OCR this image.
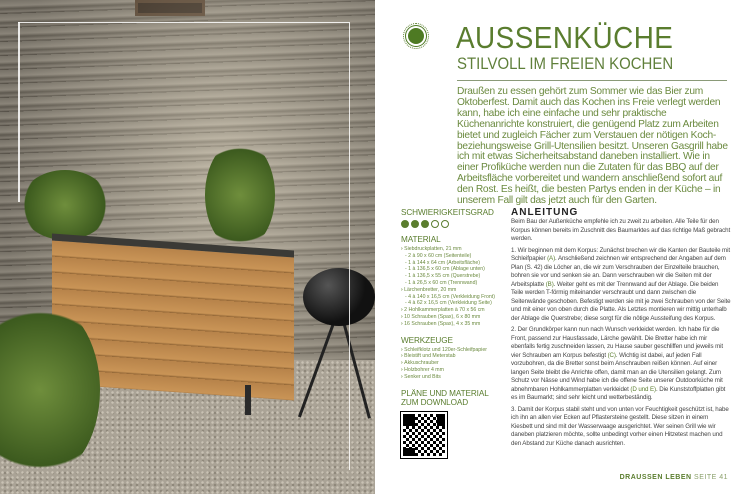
AUSSENKÜCHE
STILVOLL IM FREIEN KOCHEN
Draußen zu essen gehört zum Sommer wie das Bier zum Oktoberfest. Damit auch das Kochen ins Freie verlegt werden kann, habe ich eine einfache und sehr praktische Küchenanrichte konstruiert, die genügend Platz zum Arbeiten bietet und zugleich Fächer zum Verstauen der nötigen Koch- beziehungsweise Grill-Utensilien besitzt. Unseren Gasgrill habe ich mit etwas Sicherheitsabstand daneben installiert. Wie in einer Profiküche werden nun die Zutaten für das BBQ auf der Arbeitsfläche vorbereitet und wandern anschließend sofort auf den Rost. Es heißt, die besten Partys enden in der Küche – in unserem Fall gilt das jetzt auch für den Garten.
SCHWIERIGKEITSGRAD
MATERIAL
› Siebdruckplatten, 21 mm
- 2 à 90 x 60 cm (Seitenteile)
- 1 à 144 x 64 cm (Arbeitsfläche)
- 1 à 136,5 x 60 cm (Ablage unten)
- 1 à 136,5 x 55 cm (Querstrebe)
- 1 à 26,5 x 60 cm (Trennwand)
› Lärchenbretter, 20 mm
- 4 à 140 x 16,5 cm (Verkleidung Front)
- 4 à 62 x 16,5 cm (Verkleidung Seite)
› 2 Hohlkammerplatten à 70 x 56 cm
› 10 Schrauben (Spax), 6 x 80 mm
› 16 Schrauben (Spax), 4 x 35 mm
WERKZEUGE
› Schleifklotz und 120er-Schleifpapier
› Bleistift und Meterstab
› Akkuschrauber
› Holzbohrer 4 mm
› Senker und Bits
PLÄNE UND MATERIAL
ZUM DOWNLOAD
ANLEITUNG

Beim Bau der Außenküche empfehle ich zu zweit zu arbeiten. Alle Teile für den Korpus können bereits im Zuschnitt des Baumarktes auf das richtige Maß gebracht werden.

1. Wir beginnen mit dem Korpus: Zunächst brechen wir die Kanten der Bauteile mit Schleifpapier (A). Anschließend zeichnen wir entsprechend der Angaben auf dem Plan (S. 42) die Löcher an, die wir zum Verschrauben der Einzelteile brauchen, bohren sie vor und senken sie an. Dann verschrauben wir die Seiten mit der Arbeitsplatte (B). Weiter geht es mit der Trennwand auf der Ablage. Die beiden Teile werden T-förmig miteinander verschraubt und dann zwischen die Seitenwände geschoben. Befestigt werden sie mit je zwei Schrauben von der Seite und mit einer von oben durch die Platte. Als Letztes montieren wir mittig unterhalb der Ablage die Querstrebe; diese sorgt für die nötige Aussteifung des Korpus.

2. Der Grundkörper kann nun nach Wunsch verkleidet werden. Ich habe für die Front, passend zur Hausfassade, Lärche gewählt. Die Bretter habe ich mir ebenfalls fertig zuschneiden lassen, zu Hause sauber geschliffen und jeweils mit vier Schrauben am Korpus befestigt (C). Wichtig ist dabei, auf jeden Fall vorzubohren, da die Bretter sonst beim Anschrauben reißen können. Auf einer langen Seite bleibt die Anrichte offen, damit man an die Utensilien gelangt. Zum Schutz vor Nässe und Wind habe ich die offene Seite unserer Outdoorküche mit abnehmbaren Hohlkammerplatten verkleidet (D und E). Die Kunststoffplatten gibt es im Baumarkt; sind sehr leicht und wetterbeständig.

3. Damit der Korpus stabil steht und von unten vor Feuchtigkeit geschützt ist, habe ich ihn an allen vier Ecken auf Pflastersteine gestellt. Diese sitzen in einem Kiesbett und sind mit der Wasserwaage ausgerichtet. Wer seinen Grill wie wir daneben platzieren möchte, sollte unbedingt vorher einen Hitzetest machen und den Abstand zur Küche danach ausrichten.

DRAUSSEN LEBEN SEITE 41
